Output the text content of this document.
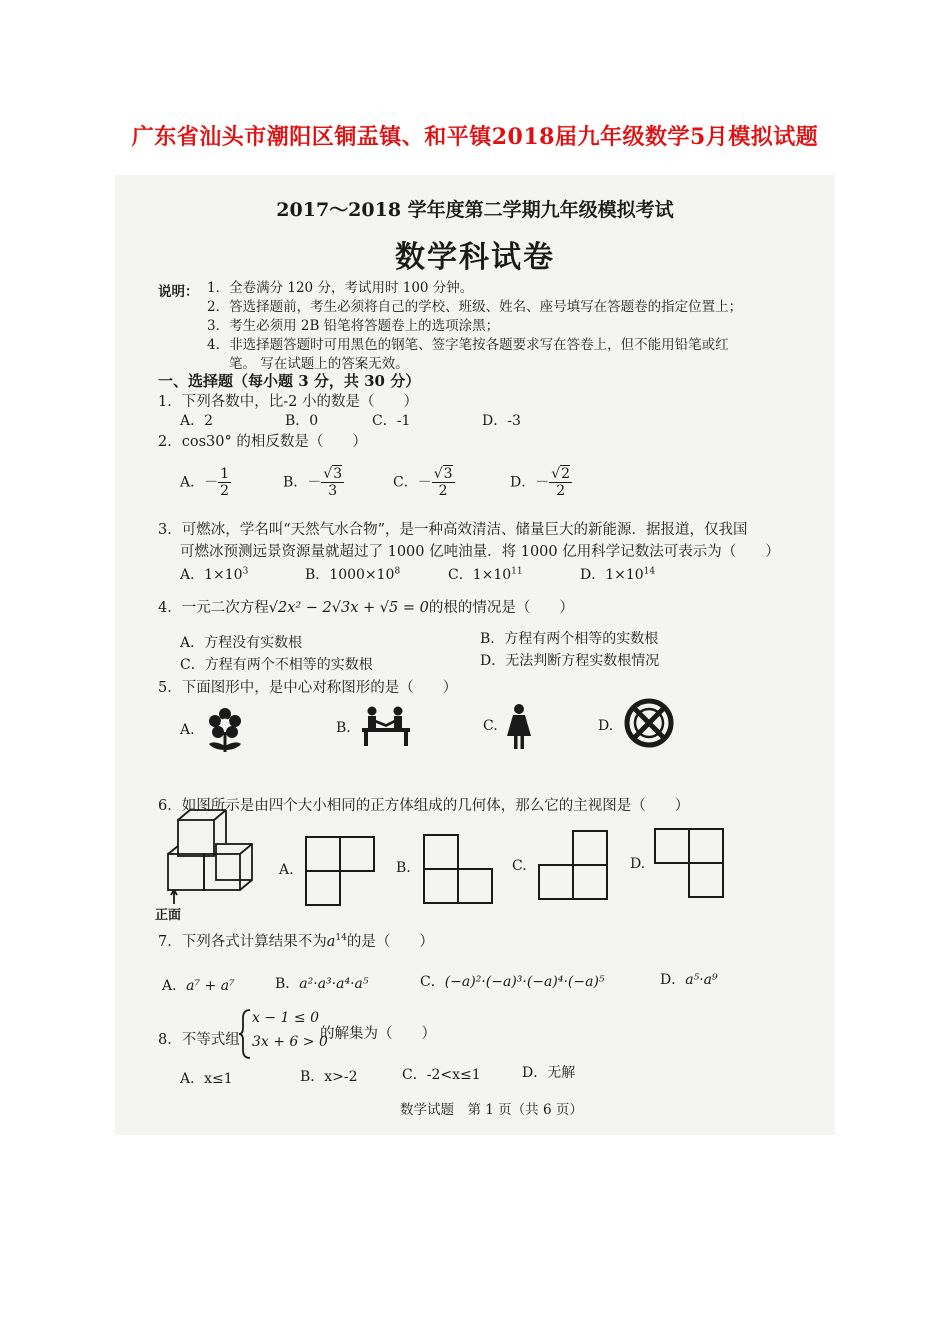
广东省汕头市潮阳区铜盂镇、和平镇2018届九年级数学5月模拟试题
2017～2018 学年度第二学期九年级模拟考试
数学科试卷
说明： 1．全卷满分 120 分，考试用时 100 分钟。
2．答选择题前，考生必须将自己的学校、班级、姓名、座号填写在答题卷的指定位置上；
3．考生必须用 2B 铅笔将答题卷上的选项涂黑；
4．非选择题答题时可用黑色的钢笔、签字笔按各题要求写在答卷上，但不能用铅笔或红
笔。 写在试题上的答案无效。
一、选择题（每小题 3 分，共 30 分）
1．下列各数中，比-2 小的数是（　　）
A．2	B．0	C．-1	D．-3
2．cos30° 的相反数是（　　）
A．－ $\frac{1}{2}$	B．－ $\frac{√3}{3}$	C．－ $\frac{√3}{2}$	D．－ $\frac{√2}{2}$
3．可燃冰，学名叫“天然气水合物”，是一种高效清洁、储量巨大的新能源．据报道，仅我国
可燃冰预测远景资源量就超过了 1000 亿吨油量．将 1000 亿用科学记数法可表示为（　　）
A．$1\times 10^3$	B．$1000\times 10^8$	C．$1\times 10^{11}$	D．$1\times 10^{14}$
4．一元二次方程√2x² − 2√3x + √5 = 0的根的情况是（　　）
A．方程没有实数根	B．方程有两个相等的实数根
C．方程有两个不相等的实数根	D．无法判断方程实数根情况
5．下面图形中，是中心对称图形的是（　　）
A.	B.	C.	D.
6．如图所示是由四个大小相同的正方体组成的几何体，那么它的主视图是（　　）
正面
A.	B.	C.	D.
7．下列各式计算结果不为$a^{14}$的是（　　）
A．a⁷ + a⁷	B．a²·a³·a⁴·a⁵	C．(−a)²·(−a)³·(−a)⁴·(−a)⁵	D．a⁵·a⁹
8．不等式组
x − 1 ≤ 0
3x + 6 > 0
的解集为（　　）
A．x≤1	B．x>-2	C．-2<x≤1	D．无解
数学试题　第 1 页（共 6 页）
